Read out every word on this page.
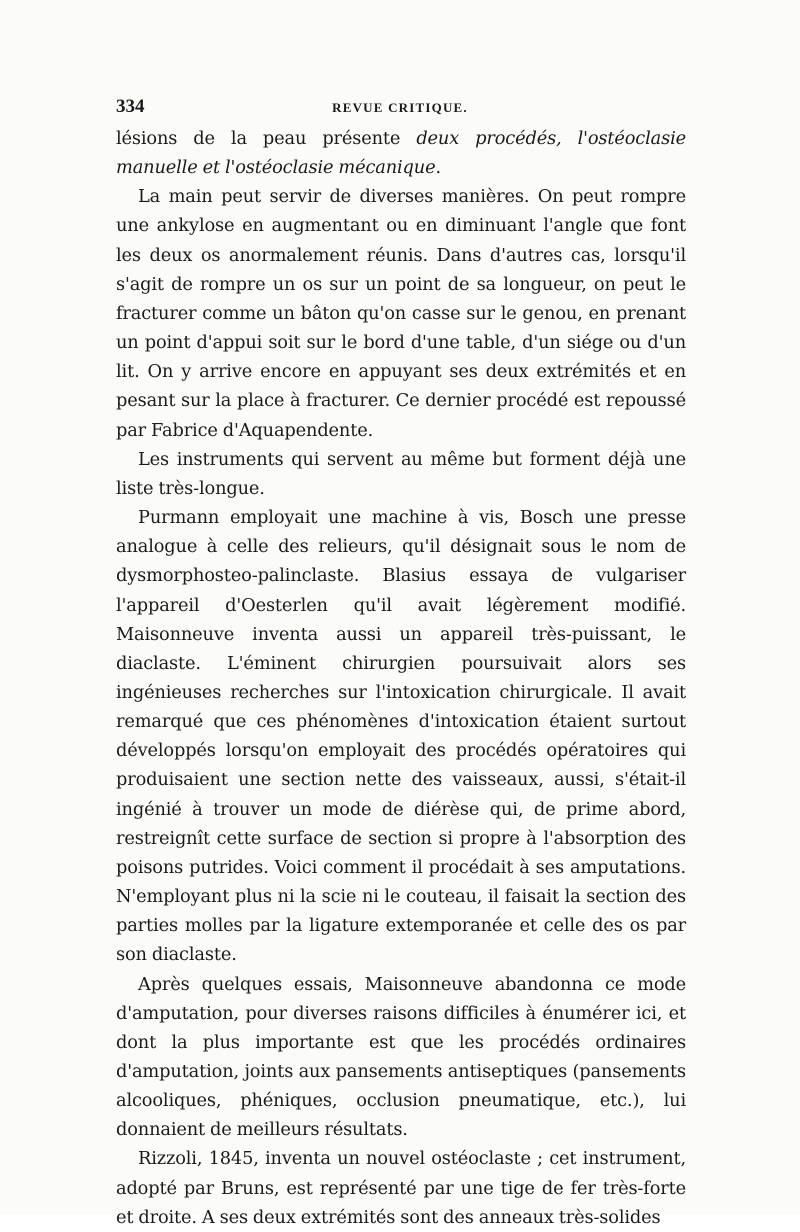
334	REVUE CRITIQUE.

lésions de la peau présente deux procédés, l'ostéoclasie manuelle et l'ostéoclasie mécanique.

La main peut servir de diverses manières. On peut rompre une ankylose en augmentant ou en diminuant l'angle que font les deux os anormalement réunis. Dans d'autres cas, lorsqu'il s'agit de rompre un os sur un point de sa longueur, on peut le fracturer comme un bâton qu'on casse sur le genou, en prenant un point d'appui soit sur le bord d'une table, d'un siége ou d'un lit. On y arrive encore en appuyant ses deux extrémités et en pesant sur la place à fracturer. Ce dernier procédé est repoussé par Fabrice d'Aquapendente.

Les instruments qui servent au même but forment déjà une liste très-longue.

Purmann employait une machine à vis, Bosch une presse analogue à celle des relieurs, qu'il désignait sous le nom de dysmorphosteo-palinclaste. Blasius essaya de vulgariser l'appareil d'Oesterlen qu'il avait légèrement modifié. Maisonneuve inventa aussi un appareil très-puissant, le diaclaste. L'éminent chirurgien poursuivait alors ses ingénieuses recherches sur l'intoxication chirurgicale. Il avait remarqué que ces phénomènes d'intoxication étaient surtout développés lorsqu'on employait des procédés opératoires qui produisaient une section nette des vaisseaux, aussi, s'était-il ingénié à trouver un mode de diérèse qui, de prime abord, restreignît cette surface de section si propre à l'absorption des poisons putrides. Voici comment il procédait à ses amputations. N'employant plus ni la scie ni le couteau, il faisait la section des parties molles par la ligature extemporanée et celle des os par son diaclaste.

Après quelques essais, Maisonneuve abandonna ce mode d'amputation, pour diverses raisons difficiles à énumérer ici, et dont la plus importante est que les procédés ordinaires d'amputation, joints aux pansements antiseptiques (pansements alcooliques, phéniques, occlusion pneumatique, etc.), lui donnaient de meilleurs résultats.

Rizzoli, 1845, inventa un nouvel ostéoclaste ; cet instrument, adopté par Bruns, est représenté par une tige de fer très-forte et droite. A ses deux extrémités sont des anneaux très-solides
